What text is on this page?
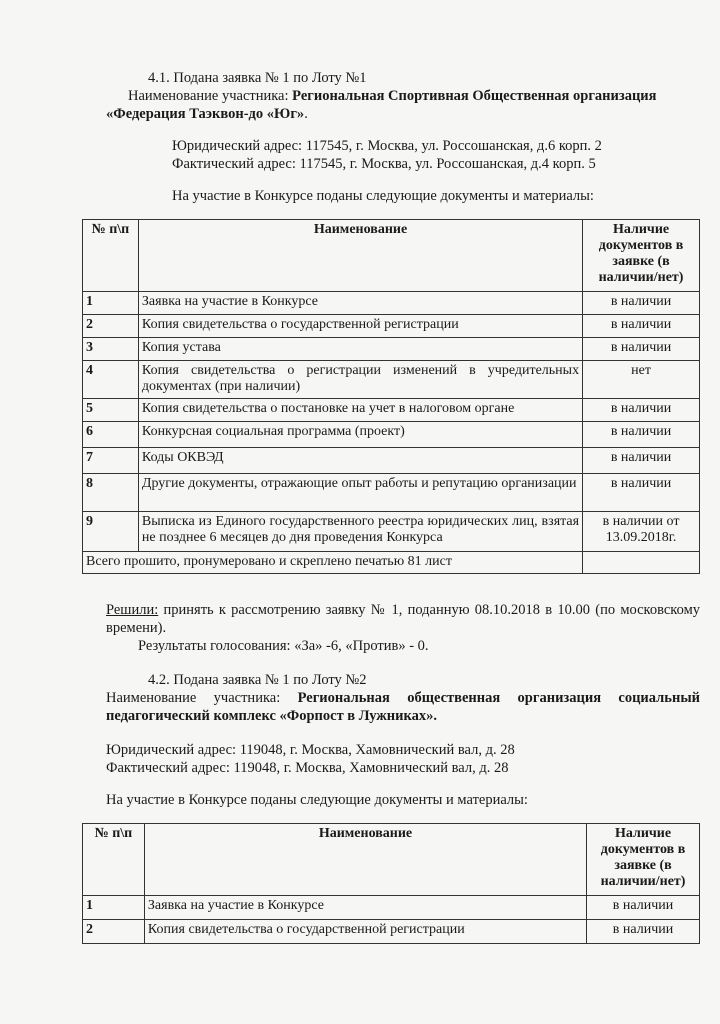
4.1. Подана заявка № 1 по Лоту №1
Наименование участника: Региональная Спортивная Общественная организация
«Федерация Таэквон-до «Юг».
Юридический адрес: 117545, г. Москва, ул. Россошанская, д.6 корп. 2
Фактический адрес: 117545, г. Москва, ул. Россошанская, д.4 корп. 5
На участие в Конкурсе поданы следующие документы и материалы:
№ п\п	Наименование	Наличие документов в заявке (в наличии/нет)
1	Заявка на участие в Конкурсе	в наличии
2	Копия свидетельства о государственной регистрации	в наличии
3	Копия устава	в наличии
4	Копия свидетельства о регистрации изменений в учредительных документах (при наличии)	нет
5	Копия свидетельства о постановке на учет в налоговом органе	в наличии
6	Конкурсная социальная программа (проект)	в наличии
7	Коды ОКВЭД	в наличии
8	Другие документы, отражающие опыт работы и репутацию организации	в наличии
9	Выписка из Единого государственного реестра юридических лиц, взятая не позднее 6 месяцев до дня проведения Конкурса	в наличии от 13.09.2018г.
Всего прошито, пронумеровано и скреплено печатью 81 лист		
Решили: принять к рассмотрению заявку № 1, поданную 08.10.2018 в 10.00 (по московскому времени).
Результаты голосования: «За» -6, «Против» - 0.
4.2. Подана заявка № 1 по Лоту №2
Наименование участника: Региональная общественная организация социальный педагогический комплекс «Форпост в Лужниках».
Юридический адрес: 119048, г. Москва, Хамовнический вал, д. 28
Фактический адрес: 119048, г. Москва, Хамовнический вал, д. 28
На участие в Конкурсе поданы следующие документы и материалы:
№ п\п	Наименование	Наличие документов в заявке (в наличии/нет)
1	Заявка на участие в Конкурсе	в наличии
2	Копия свидетельства о государственной регистрации	в наличии
